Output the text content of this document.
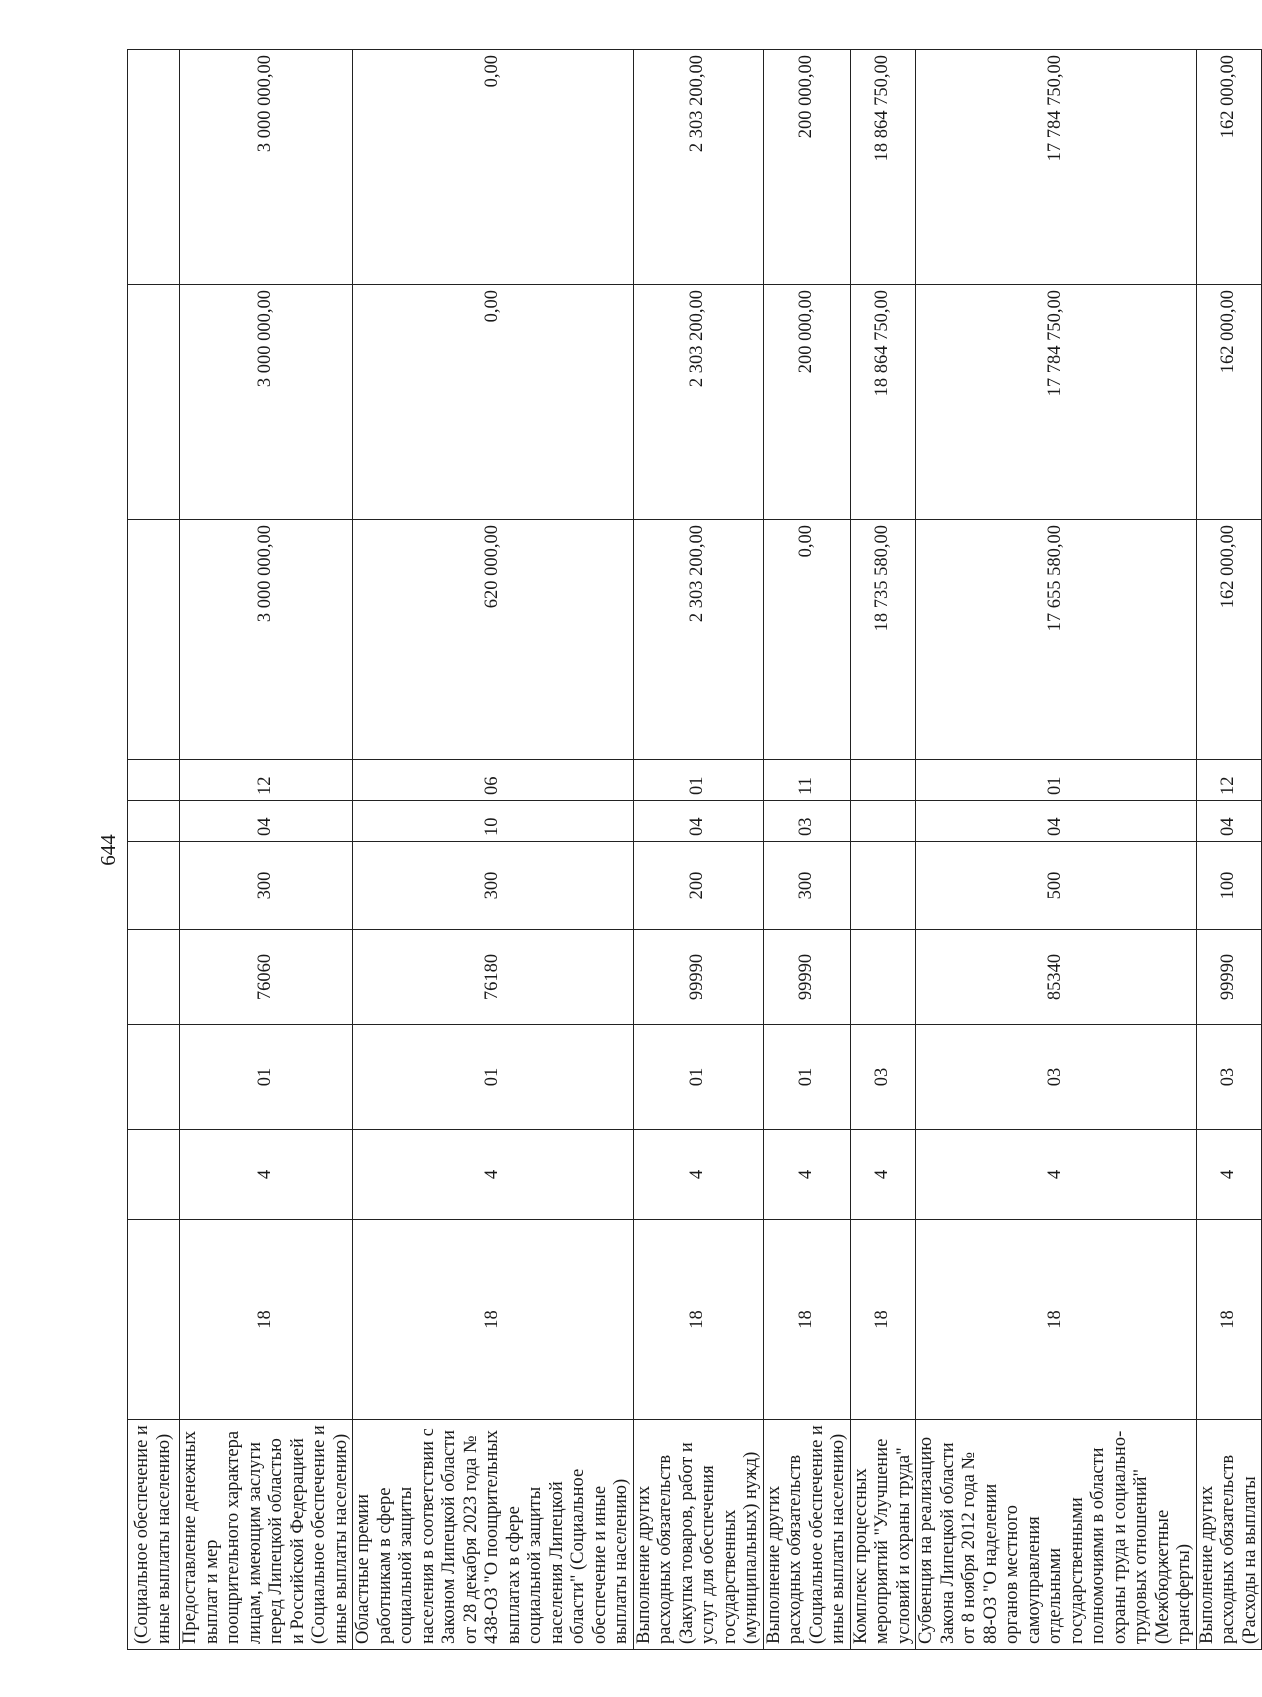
644
(Социальное обеспечение и иные выплаты населению)										
Предоставление денежных выплат и мер поощрительного характера лицам, имеющим заслуги перед Липецкой областью и Российской Федерацией (Социальное обеспечение и иные выплаты населению)	18	4	01	76060	300	04	12	3 000 000,00	3 000 000,00	3 000 000,00
Областные премии работникам в сфере социальной защиты населения в соответствии с Законом Липецкой области от 28 декабря 2023 года № 438-ОЗ "О поощрительных выплатах в сфере социальной защиты населения Липецкой области" (Социальное обеспечение и иные выплаты населению)	18	4	01	76180	300	10	06	620 000,00	0,00	0,00
Выполнение других расходных обязательств (Закупка товаров, работ и услуг для обеспечения государственных (муниципальных) нужд)	18	4	01	99990	200	04	01	2 303 200,00	2 303 200,00	2 303 200,00
Выполнение других расходных обязательств (Социальное обеспечение и иные выплаты населению)	18	4	01	99990	300	03	11	0,00	200 000,00	200 000,00
Комплекс процессных мероприятий "Улучшение условий и охраны труда"	18	4	03					18 735 580,00	18 864 750,00	18 864 750,00
Субвенция на реализацию Закона Липецкой области от 8 ноября 2012 года № 88-ОЗ "О наделении органов местного самоуправления отдельными государственными полномочиями в области охраны труда и социально-трудовых отношений" (Межбюджетные трансферты)	18	4	03	85340	500	04	01	17 655 580,00	17 784 750,00	17 784 750,00
Выполнение других расходных обязательств (Расходы на выплаты	18	4	03	99990	100	04	12	162 000,00	162 000,00	162 000,00
